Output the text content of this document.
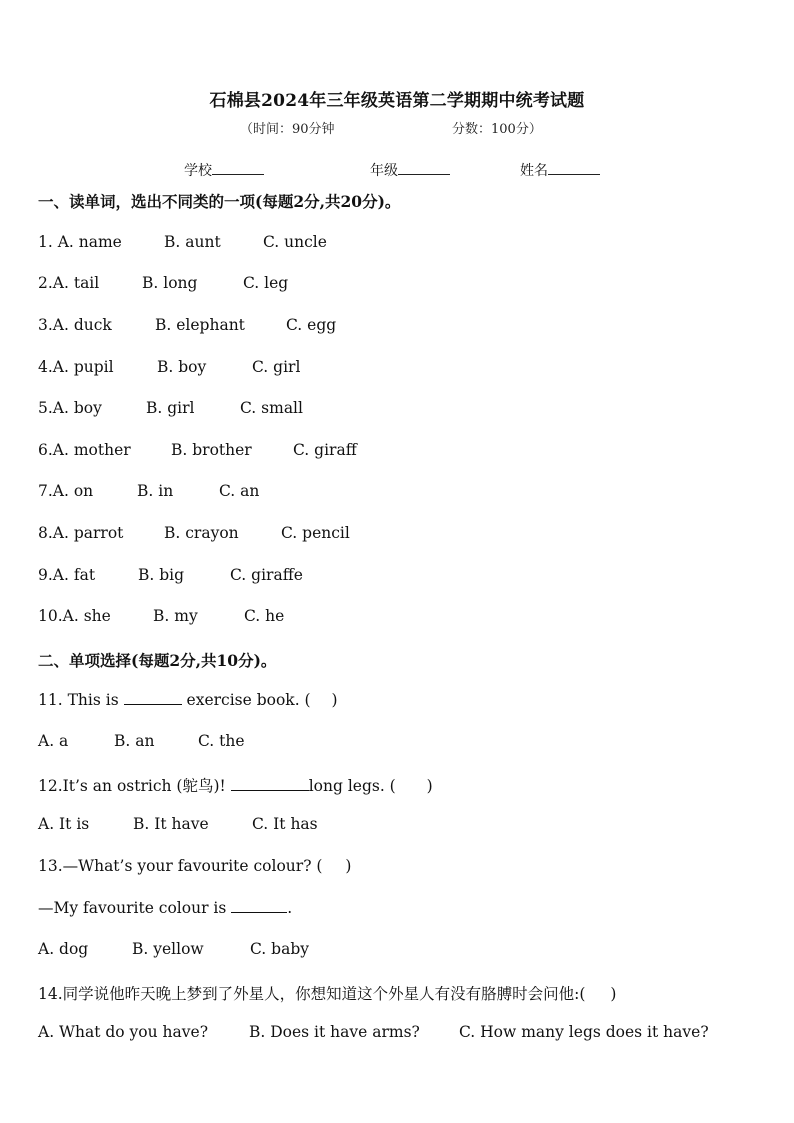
石棉县2024年三年级英语第二学期期中统考试题
（时间：90分钟	分数：100分）
学校	年级	姓名
一、读单词，选出不同类的一项(每题2分,共20分)。
1. A. name	B. aunt	C. uncle
2.A. tail	B. long	C. leg
3.A. duck	B. elephant	C. egg
4.A. pupil	B. boy	C. girl
5.A. boy	B. girl	C. small
6.A. mother	B. brother	C. giraff
7.A. on	B. in	C. an
8.A. parrot	B. crayon	C. pencil
9.A. fat	B. big	C. giraffe
10.A. she	B. my	C. he
二、单项选择(每题2分,共10分)。
11. This is	exercise book. ( )
A. a	B. an	C. the
12.It’s an ostrich (鸵鸟)!	long legs. ( )
A. It is	B. It have	C. It has
13.—What’s your favourite colour? ( )
—My favourite colour is	.
A. dog	B. yellow	C. baby
14.同学说他昨天晚上梦到了外星人，你想知道这个外星人有没有胳膊时会问他:( )
A. What do you have?	B. Does it have arms?	C. How many legs does it have?
